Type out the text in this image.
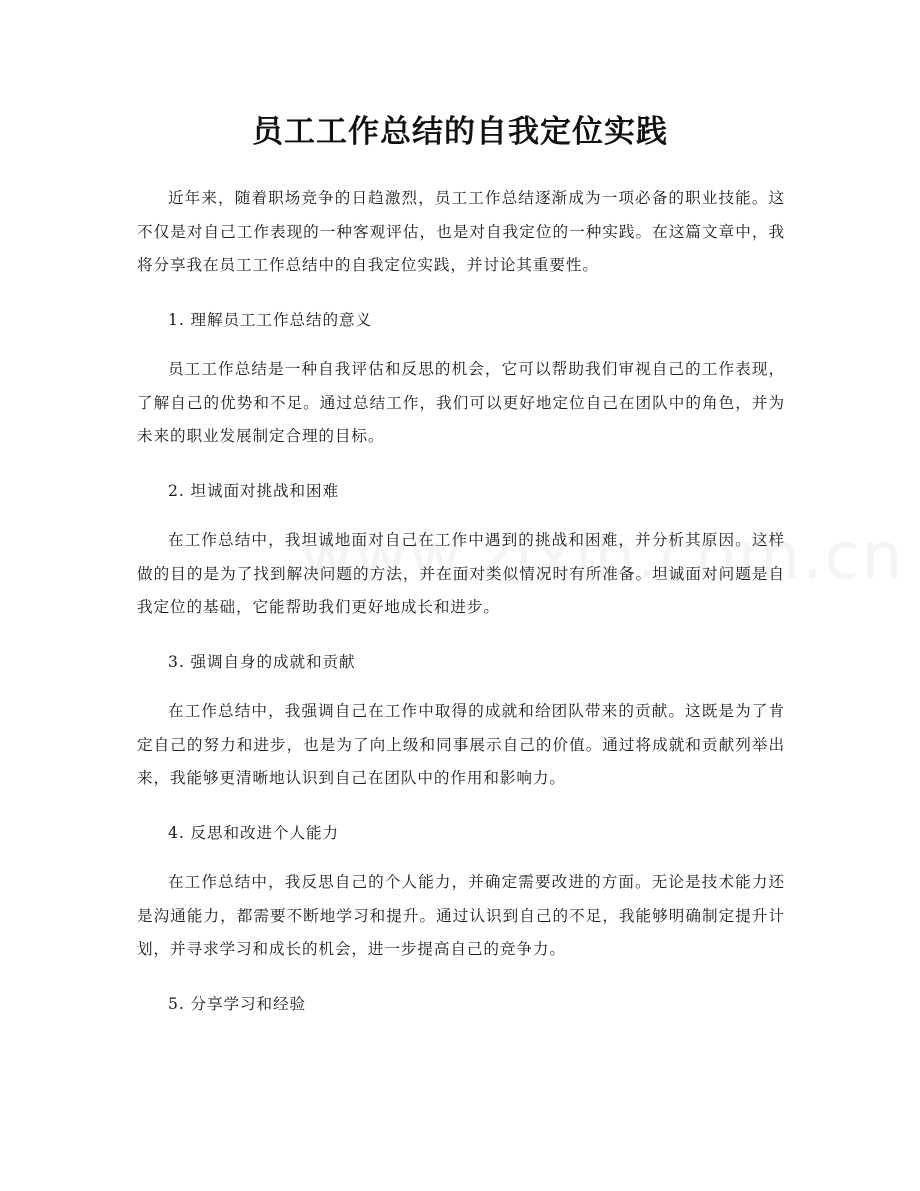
员工工作总结的自我定位实践

近年来，随着职场竞争的日趋激烈，员工工作总结逐渐成为一项必备的职业技能。这不仅是对自己工作表现的一种客观评估，也是对自我定位的一种实践。在这篇文章中，我将分享我在员工工作总结中的自我定位实践，并讨论其重要性。

1. 理解员工工作总结的意义

员工工作总结是一种自我评估和反思的机会，它可以帮助我们审视自己的工作表现，了解自己的优势和不足。通过总结工作，我们可以更好地定位自己在团队中的角色，并为未来的职业发展制定合理的目标。

2. 坦诚面对挑战和困难

在工作总结中，我坦诚地面对自己在工作中遇到的挑战和困难，并分析其原因。这样做的目的是为了找到解决问题的方法，并在面对类似情况时有所准备。坦诚面对问题是自我定位的基础，它能帮助我们更好地成长和进步。

3. 强调自身的成就和贡献

在工作总结中，我强调自己在工作中取得的成就和给团队带来的贡献。这既是为了肯定自己的努力和进步，也是为了向上级和同事展示自己的价值。通过将成就和贡献列举出来，我能够更清晰地认识到自己在团队中的作用和影响力。

4. 反思和改进个人能力

在工作总结中，我反思自己的个人能力，并确定需要改进的方面。无论是技术能力还是沟通能力，都需要不断地学习和提升。通过认识到自己的不足，我能够明确制定提升计划，并寻求学习和成长的机会，进一步提高自己的竞争力。

5. 分享学习和经验
